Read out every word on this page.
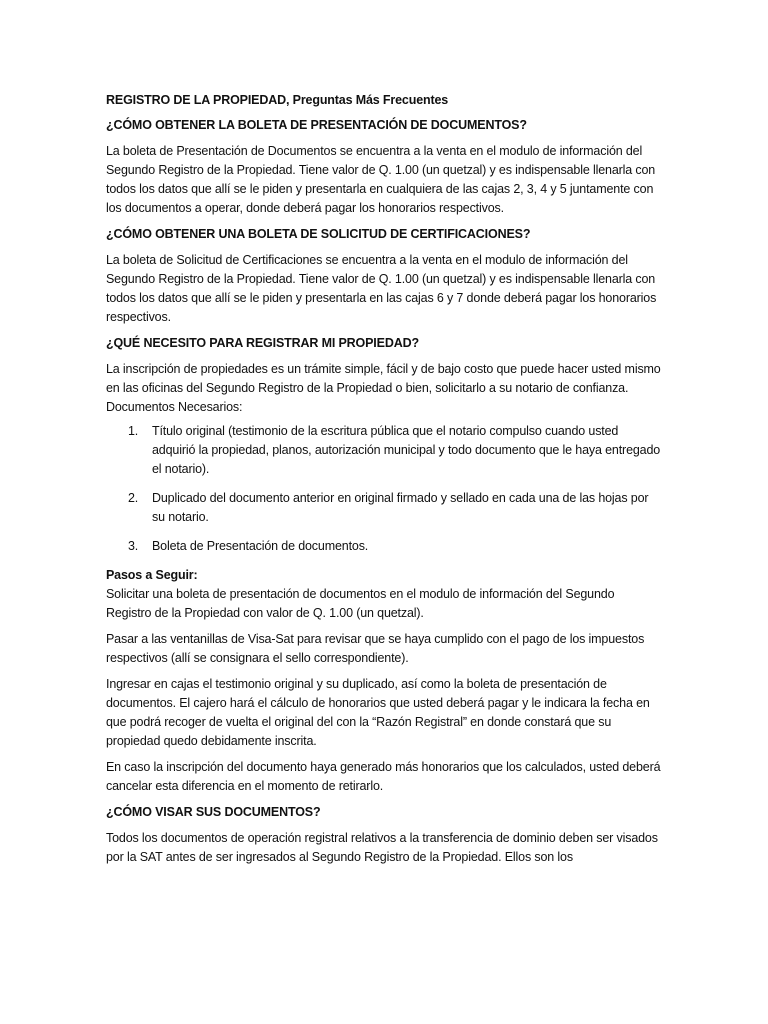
REGISTRO DE LA PROPIEDAD, Preguntas Más Frecuentes

¿CÓMO OBTENER LA BOLETA DE PRESENTACIÓN DE DOCUMENTOS?

La boleta de Presentación de Documentos se encuentra a la venta en el modulo de información del Segundo Registro de la Propiedad. Tiene valor de Q. 1.00 (un quetzal) y es indispensable llenarla con todos los datos que allí se le piden y presentarla en cualquiera de las cajas 2, 3, 4 y 5 juntamente con los documentos a operar, donde deberá pagar los honorarios respectivos.

¿CÓMO OBTENER UNA BOLETA DE SOLICITUD DE CERTIFICACIONES?

La boleta de Solicitud de Certificaciones se encuentra a la venta en el modulo de información del Segundo Registro de la Propiedad. Tiene valor de Q. 1.00 (un quetzal) y es indispensable llenarla con todos los datos que allí se le piden y presentarla en las cajas 6 y 7 donde deberá pagar los honorarios respectivos.

¿QUÉ NECESITO PARA REGISTRAR MI PROPIEDAD?

La inscripción de propiedades es un trámite simple, fácil y de bajo costo que puede hacer usted mismo en las oficinas del Segundo Registro de la Propiedad o bien, solicitarlo a su notario de confianza.

Documentos Necesarios:

1.	Título original (testimonio de la escritura pública que el notario compulso cuando usted adquirió la propiedad, planos, autorización municipal y todo documento que le haya entregado el notario).
2.	Duplicado del documento anterior en original firmado y sellado en cada una de las hojas por su notario.
3.	Boleta de Presentación de documentos.

Pasos a Seguir:

Solicitar una boleta de presentación de documentos en el modulo de información del Segundo Registro de la Propiedad con valor de Q. 1.00 (un quetzal).

Pasar a las ventanillas de Visa-Sat para revisar que se haya cumplido con el pago de los impuestos respectivos (allí se consignara el sello correspondiente).

Ingresar en cajas el testimonio original y su duplicado, así como la boleta de presentación de documentos. El cajero hará el cálculo de honorarios que usted deberá pagar y le indicara la fecha en que podrá recoger de vuelta el original del con la “Razón Registral” en donde constará que su propiedad quedo debidamente inscrita.

En caso la inscripción del documento haya generado más honorarios que los calculados, usted deberá cancelar esta diferencia en el momento de retirarlo.

¿CÓMO VISAR SUS DOCUMENTOS?

Todos los documentos de operación registral relativos a la transferencia de dominio deben ser visados por la SAT antes de ser ingresados al Segundo Registro de la Propiedad. Ellos son los
